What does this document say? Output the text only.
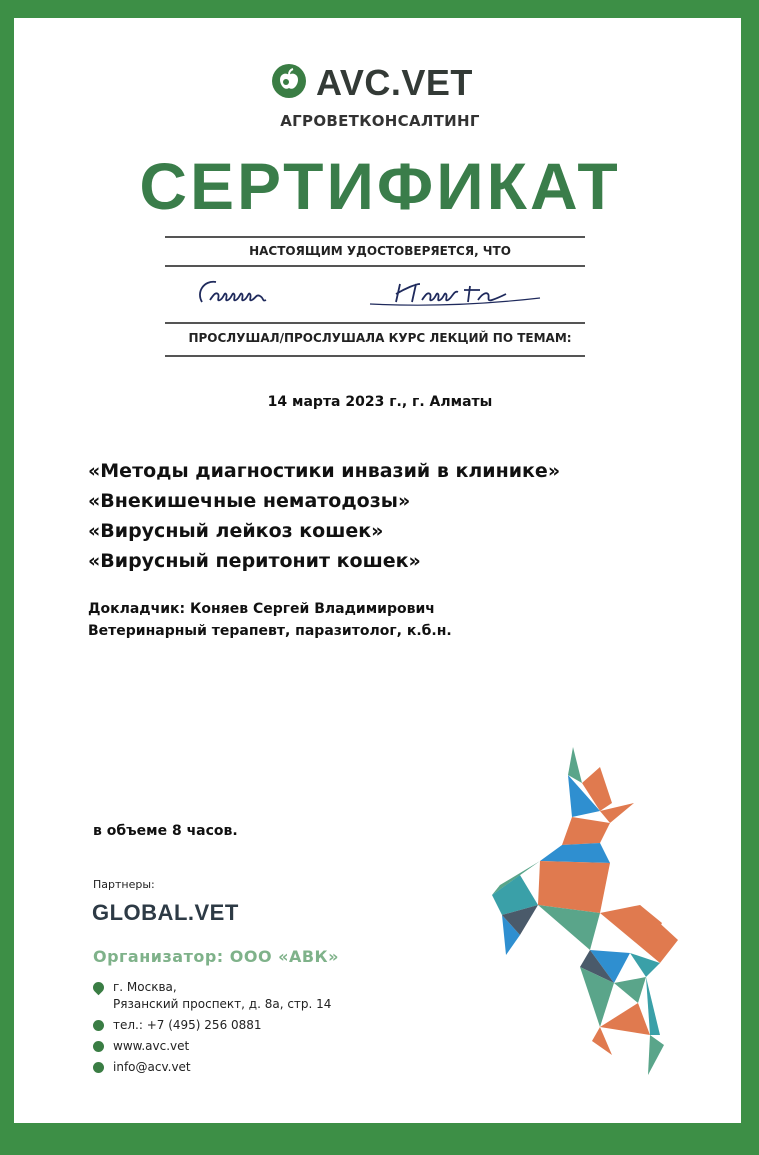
AVC.VET
АГРОВЕТКОНСАЛТИНГ
СЕРТИФИКАТ
НАСТОЯЩИМ УДОСТОВЕРЯЕТСЯ, ЧТО
ПРОСЛУШАЛ/ПРОСЛУШАЛА КУРС ЛЕКЦИЙ ПО ТЕМАМ:
14 марта 2023 г., г. Алматы
«Методы диагностики инвазий в клинике»
«Внекишечные нематодозы»
«Вирусный лейкоз кошек»
«Вирусный перитонит кошек»
Докладчик: Коняев Сергей Владимирович
Ветеринарный терапевт, паразитолог, к.б.н.
в объеме 8 часов.
Партнеры:
GLOBAL.VET
Организатор: ООО «АВК»
г. Москва,
Рязанский проспект, д. 8а, стр. 14
тел.: +7 (495) 256 0881
www.avc.vet
info@acv.vet
